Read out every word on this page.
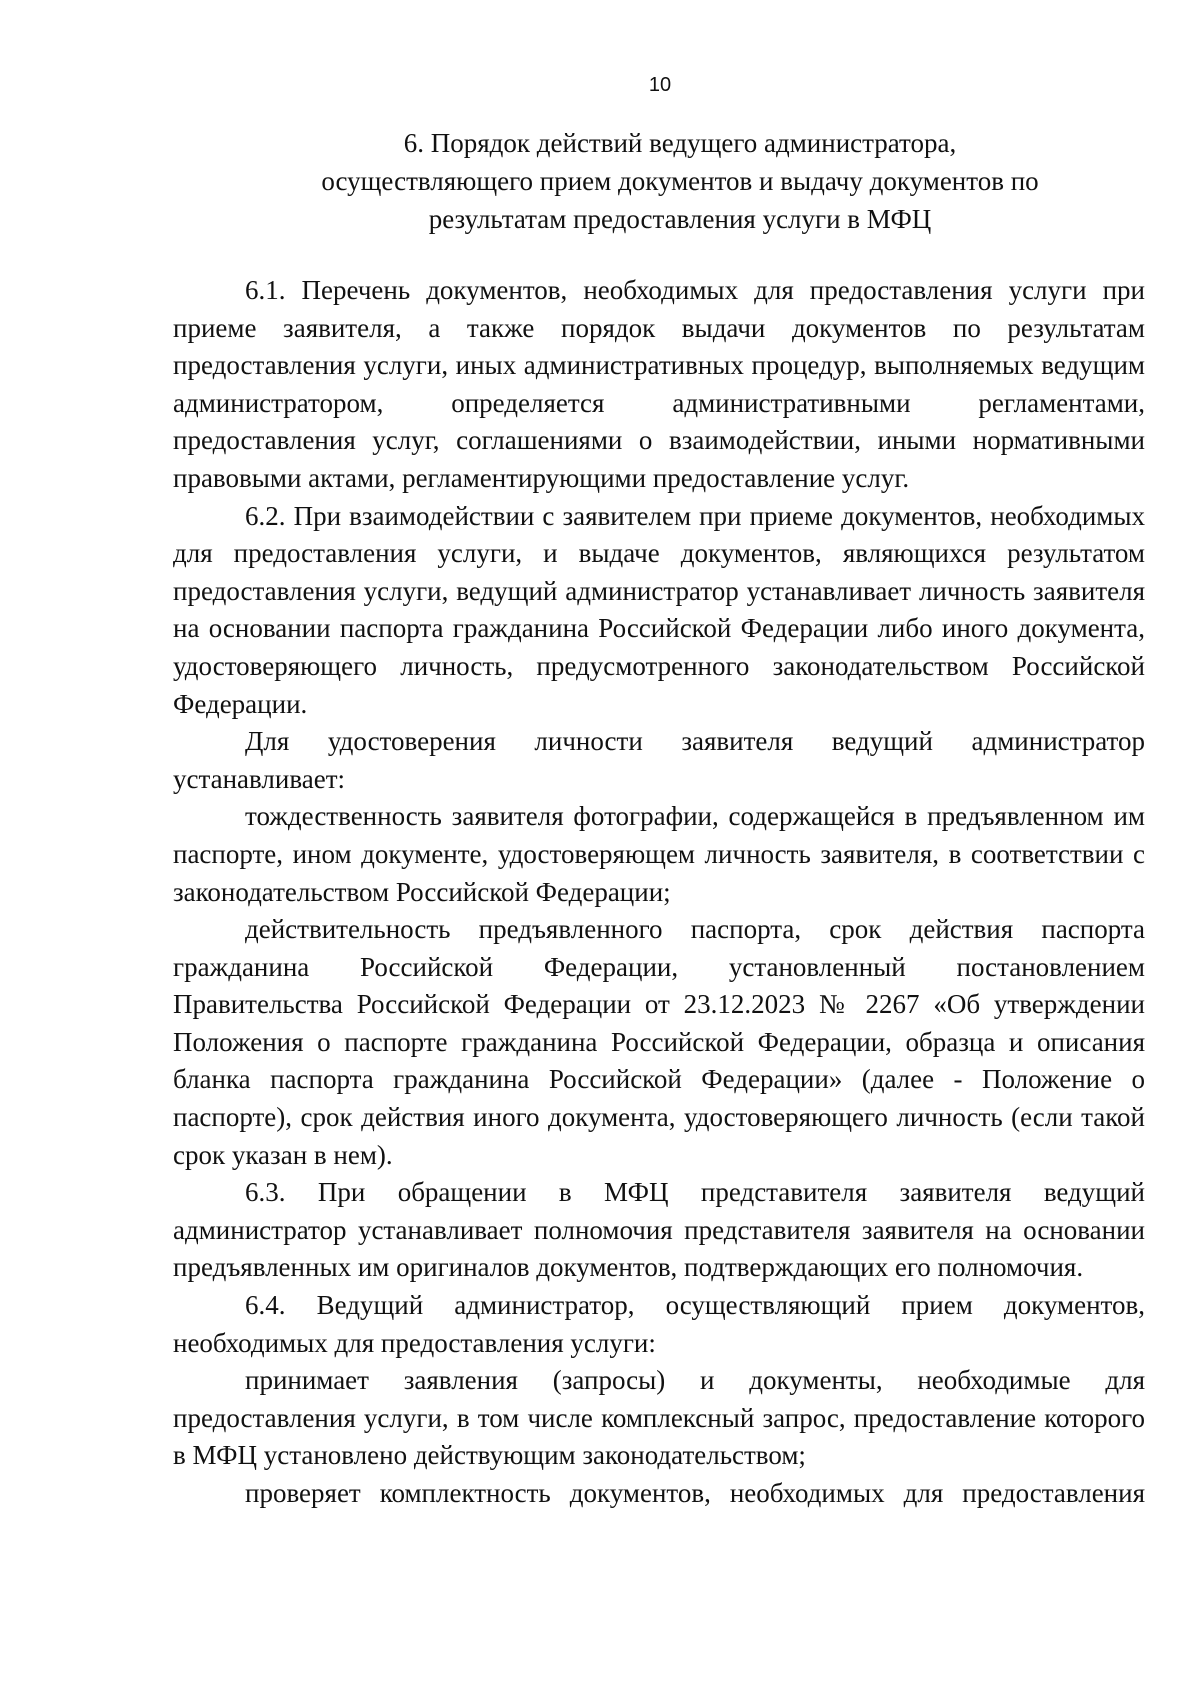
10
6. Порядок действий ведущего администратора,
осуществляющего прием документов и выдачу документов по
результатам предоставления услуги в МФЦ

6.1. Перечень документов, необходимых для предоставления услуги при приеме заявителя, а также порядок выдачи документов по результатам предоставления услуги, иных административных процедур, выполняемых ведущим администратором, определяется административными регламентами, предоставления услуг, соглашениями о взаимодействии, иными нормативными правовыми актами, регламентирующими предоставление услуг.

6.2. При взаимодействии с заявителем при приеме документов, необходимых для предоставления услуги, и выдаче документов, являющихся результатом предоставления услуги, ведущий администратор устанавливает личность заявителя на основании паспорта гражданина Российской Федерации либо иного документа, удостоверяющего личность, предусмотренного законодательством Российской Федерации.

Для удостоверения личности заявителя ведущий администратор устанавливает:

тождественность заявителя фотографии, содержащейся в предъявленном им паспорте, ином документе, удостоверяющем личность заявителя, в соответствии с законодательством Российской Федерации;

действительность предъявленного паспорта, срок действия паспорта гражданина Российской Федерации, установленный постановлением Правительства Российской Федерации от 23.12.2023 № 2267 «Об утверждении Положения о паспорте гражданина Российской Федерации, образца и описания бланка паспорта гражданина Российской Федерации» (далее - Положение о паспорте), срок действия иного документа, удостоверяющего личность (если такой срок указан в нем).

6.3. При обращении в МФЦ представителя заявителя ведущий администратор устанавливает полномочия представителя заявителя на основании предъявленных им оригиналов документов, подтверждающих его полномочия.

6.4. Ведущий администратор, осуществляющий прием документов, необходимых для предоставления услуги:

принимает заявления (запросы) и документы, необходимые для предоставления услуги, в том числе комплексный запрос, предоставление которого в МФЦ установлено действующим законодательством;

проверяет комплектность документов, необходимых для предоставления
